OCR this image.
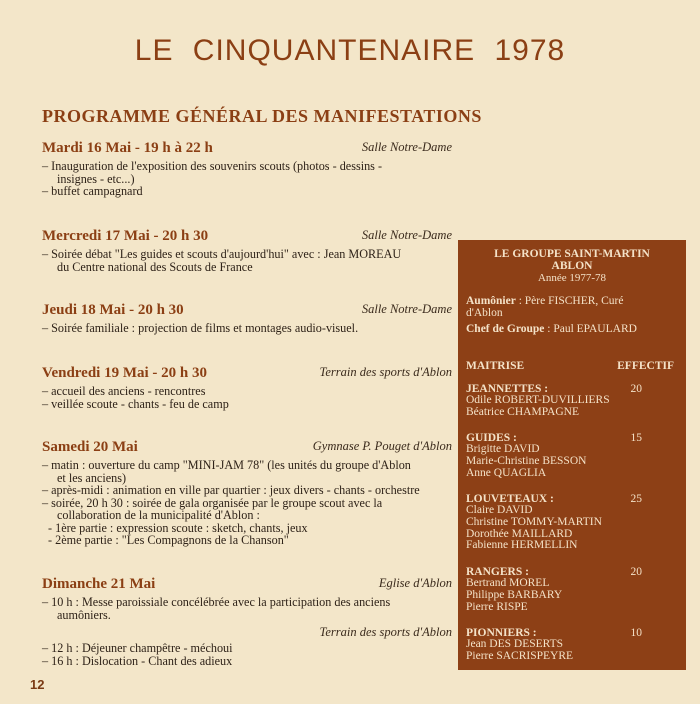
LE CINQUANTENAIRE 1978
PROGRAMME GÉNÉRAL DES MANIFESTATIONS
Mardi 16 Mai - 19 h à 22 h	Salle Notre-Dame
– Inauguration de l'exposition des souvenirs scouts (photos - dessins -
insignes - etc...)
– buffet campagnard
Mercredi 17 Mai - 20 h 30	Salle Notre-Dame
– Soirée débat "Les guides et scouts d'aujourd'hui" avec : Jean MOREAU
du Centre national des Scouts de France
Jeudi 18 Mai - 20 h 30	Salle Notre-Dame
– Soirée familiale : projection de films et montages audio-visuel.
Vendredi 19 Mai - 20 h 30	Terrain des sports d'Ablon
– accueil des anciens - rencontres
– veillée scoute - chants - feu de camp
Samedi 20 Mai	Gymnase P. Pouget d'Ablon
– matin : ouverture du camp "MINI-JAM 78" (les unités du groupe d'Ablon
et les anciens)
– après-midi : animation en ville par quartier : jeux divers - chants - orchestre
– soirée, 20 h 30 : soirée de gala organisée par le groupe scout avec la
collaboration de la municipalité d'Ablon :
- 1ère partie : expression scoute : sketch, chants, jeux
- 2ème partie : "Les Compagnons de la Chanson"
Dimanche 21 Mai	Eglise d'Ablon
– 10 h : Messe paroissiale concélébrée avec la participation des anciens
aumôniers.
Terrain des sports d'Ablon
– 12 h : Déjeuner champêtre - méchoui
– 16 h : Dislocation - Chant des adieux
12
LE GROUPE SAINT-MARTIN
ABLON
Année 1977-78
Aumônier : Père FISCHER, Curé
d'Ablon
Chef de Groupe : Paul EPAULARD
MAITRISE	EFFECTIF
JEANNETTES :	20
Odile ROBERT-DUVILLIERS
Béatrice CHAMPAGNE
GUIDES :	15
Brigitte DAVID
Marie-Christine BESSON
Anne QUAGLIA
LOUVETEAUX :	25
Claire DAVID
Christine TOMMY-MARTIN
Dorothée MAILLARD
Fabienne HERMELLIN
RANGERS :	20
Bertrand MOREL
Philippe BARBARY
Pierre RISPE
PIONNIERS :	10
Jean DES DESERTS
Pierre SACRISPEYRE
